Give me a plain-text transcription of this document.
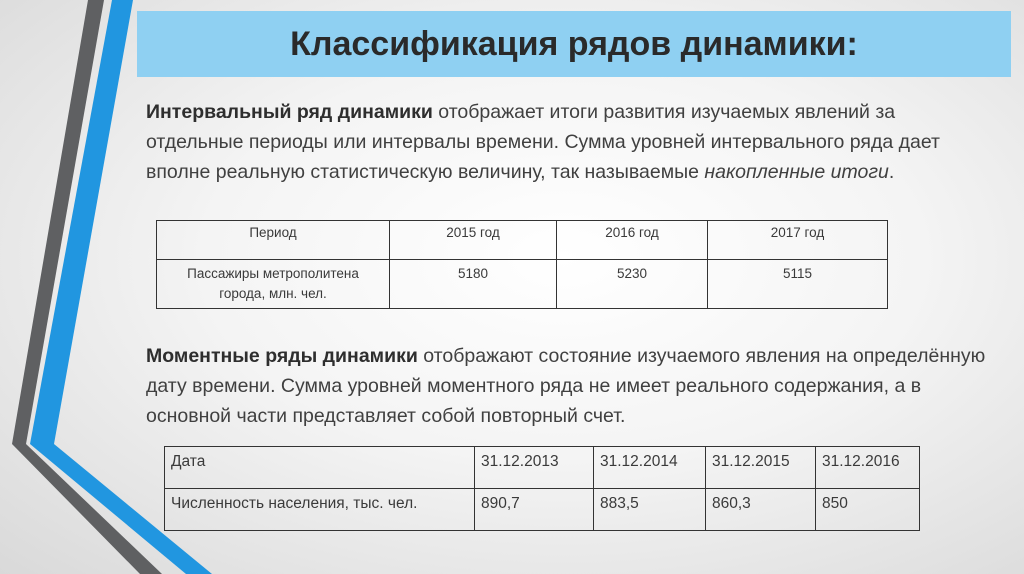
Классификация рядов динамики:

Интервальный ряд динамики отображает итоги развития изучаемых явлений за отдельные периоды или интервалы времени. Сумма уровней интервального ряда дает вполне реальную статистическую величину, так называемые накопленные итоги.

Период	2015 год	2016 год	2017 год
Пассажиры метрополитена города, млн. чел.	5180	5230	5115

Моментные ряды динамики отображают состояние изучаемого явления на определённую дату времени. Сумма уровней моментного ряда не имеет реального содержания, а в основной части представляет собой повторный счет.

Дата	31.12.2013	31.12.2014	31.12.2015	31.12.2016
Численность населения, тыс. чел.	890,7	883,5	860,3	850
